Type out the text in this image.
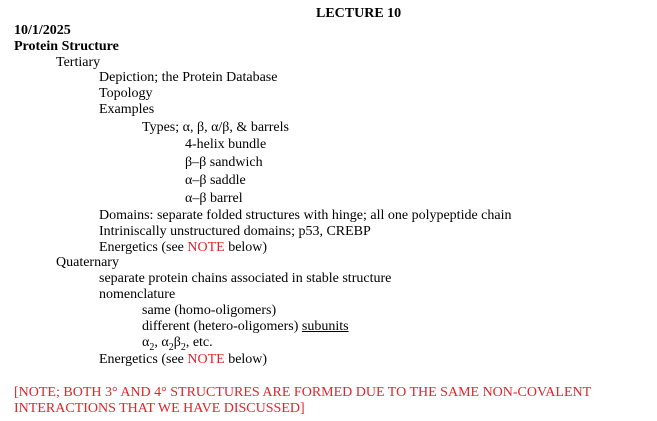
LECTURE 10
10/1/2025
Protein Structure
Tertiary
Depiction; the Protein Database
Topology
Examples
Types; α, β, α/β, & barrels
4-helix bundle
β–β sandwich
α–β saddle
α–β barrel
Domains: separate folded structures with hinge; all one polypeptide chain
Intriniscally unstructured domains; p53, CREBP
Energetics (see NOTE below)
Quaternary
separate protein chains associated in stable structure
nomenclature
same (homo-oligomers)
different (hetero-oligomers) subunits
$\alpha_2$, $\alpha_2\beta_2$, etc.
Energetics (see NOTE below)
[NOTE; BOTH 3° AND 4° STRUCTURES ARE FORMED DUE TO THE SAME NON-COVALENT
INTERACTIONS THAT WE HAVE DISCUSSED]
